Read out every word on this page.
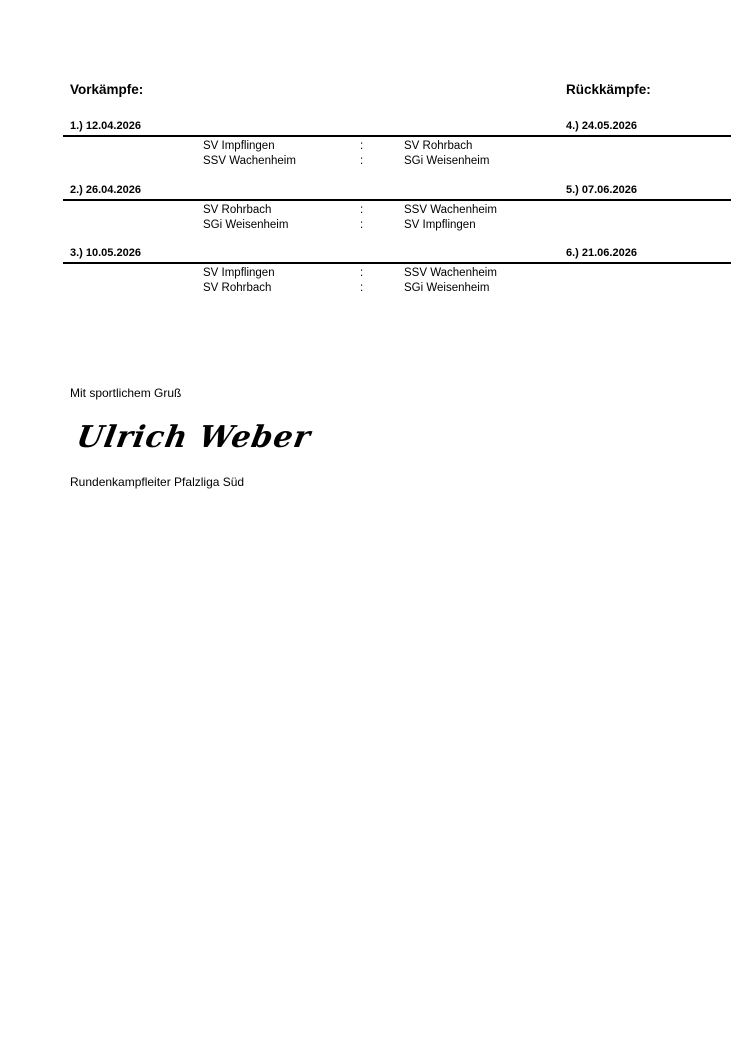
Vorkämpfe:	Rückkämpfe:
1.) 12.04.2026	4.) 24.05.2026
SV Impflingen	:	SV Rohrbach
SSV Wachenheim	:	SGi Weisenheim
2.) 26.04.2026	5.) 07.06.2026
SV Rohrbach	:	SSV Wachenheim
SGi Weisenheim	:	SV Impflingen
3.) 10.05.2026	6.) 21.06.2026
SV Impflingen	:	SSV Wachenheim
SV Rohrbach	:	SGi Weisenheim
Mit sportlichem Gruß
Ulrich Weber
Rundenkampfleiter Pfalzliga Süd
